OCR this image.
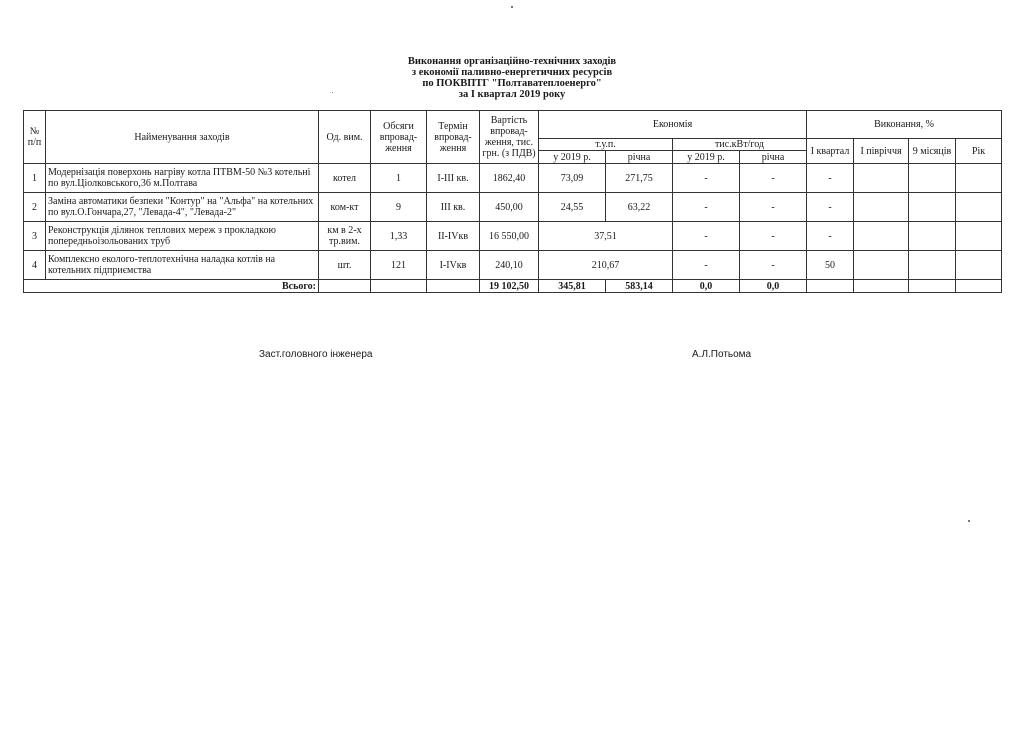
Виконання організаційно-технічних заходів
з економії паливно-енергетичних ресурсів
по ПОКВПТГ "Полтаватеплоенерго"
за І квартал 2019 року
№ п/п	Найменування заходів	Од. вим.	Обсяги впровад-ження	Термін впровад-ження	Вартість впровад-ження, тис. грн. (з ПДВ)	Економія				Виконання, %			
						т.у.п.		тис.кВт/год		І квартал	І півріччя	9 місяців	Рік
						у 2019 р.	річна	у 2019 р.	річна				
1	Модернізація поверхонь нагріву котла ПТВМ-50 №3 котельні по вул.Ціолковського,36 м.Полтава	котел	1	І-ІІІ кв.	1862,40	73,09	271,75	-	-	-			
2	Заміна автоматики безпеки "Контур" на "Альфа" на котельних по вул.О.Гончара,27, "Левада-4", "Левада-2"	ком-кт	9	ІІІ кв.	450,00	24,55	63,22	-	-	-			
3	Реконструкція ділянок теплових мереж з прокладкою попередньоізольованих труб	км в 2-х тр.вим.	1,33	ІІ-ІVкв	16 550,00	37,51		-	-	-			
4	Комплексно еколого-теплотехнічна наладка котлів на котельних підприємства	шт.	121	І-ІVкв	240,10	210,67		-	-	50			
Всього:					19 102,50	345,81	583,14	0,0	0,0				
Заст.головного інженера	А.Л.Потьома
